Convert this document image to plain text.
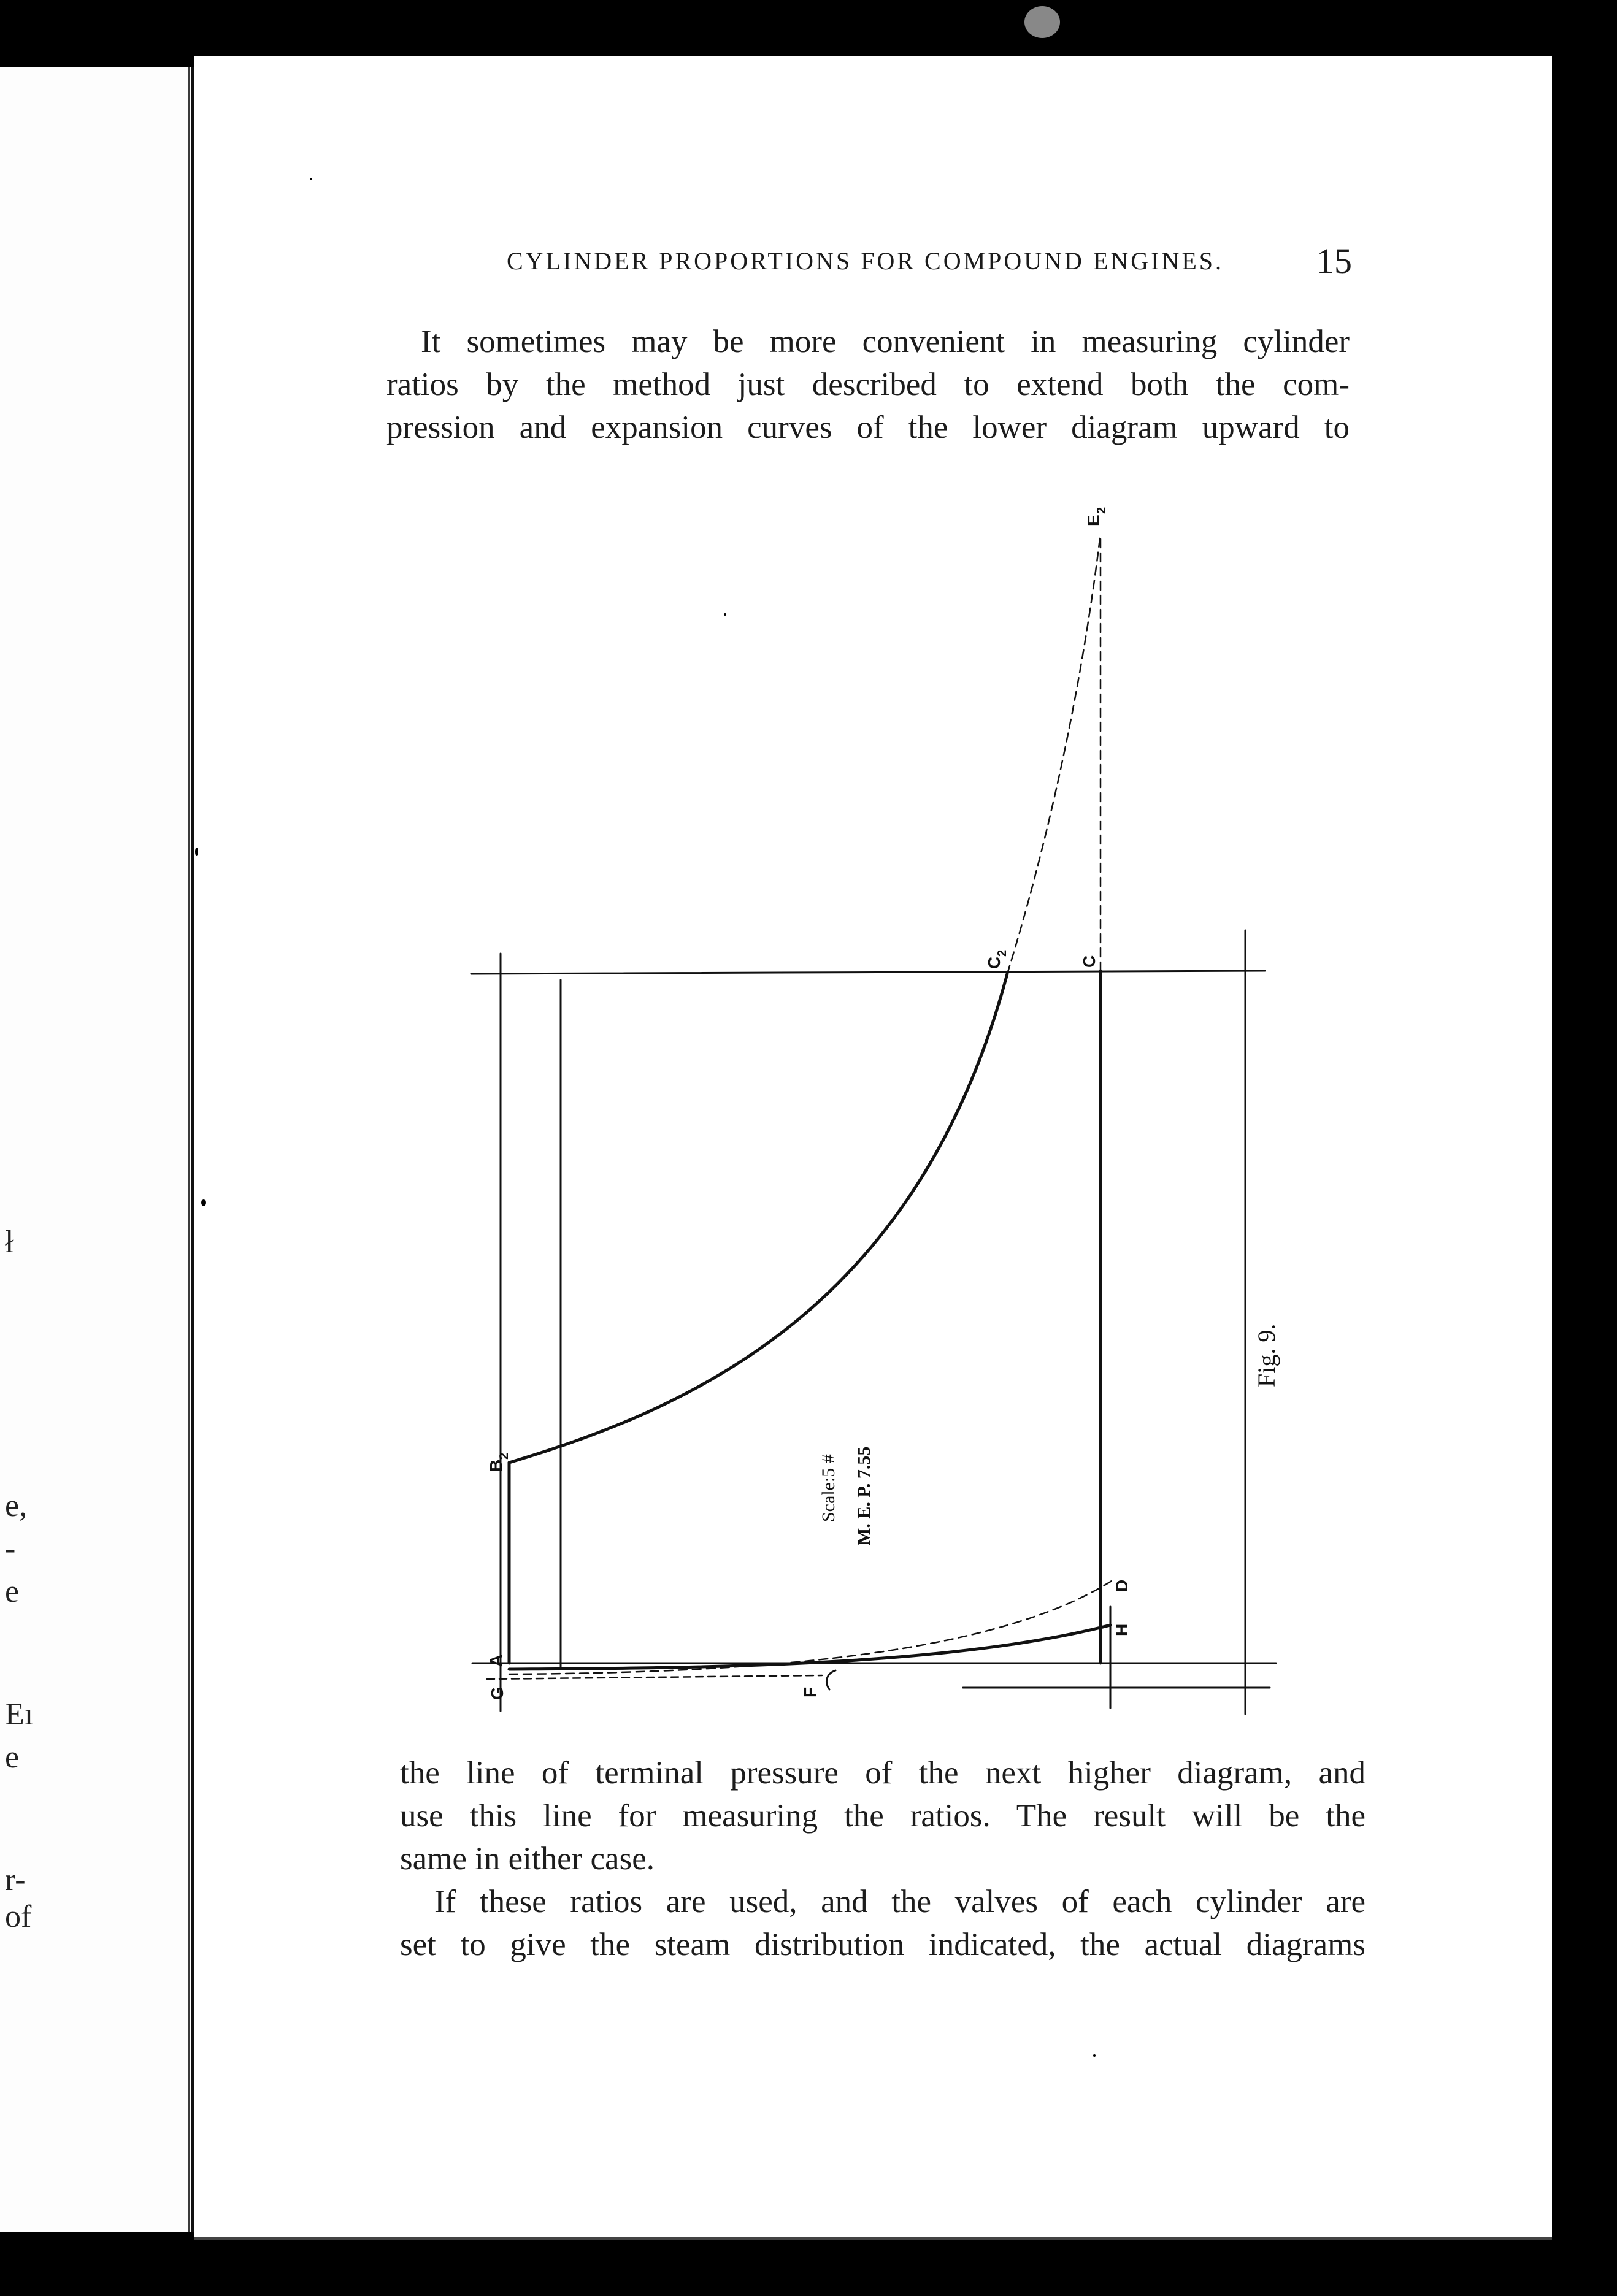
ł
e,
-
e
Eı
e
r-
of
CYLINDER PROPORTIONS FOR COMPOUND ENGINES.	15
It sometimes may be more convenient in measuring cylinder
ratios by the method just described to extend both the com-
pression and expansion curves of the lower diagram upward to
the line of terminal pressure of the next higher diagram, and
use this line for measuring the ratios. The result will be the
same in either case.
If these ratios are used, and the valves of each cylinder are
set to give the steam distribution indicated, the actual diagrams
E
2
C
2
C
B
2
A
G	F
D
H
Scale:5 # M. E. P. 7.55
Fig. 9.
